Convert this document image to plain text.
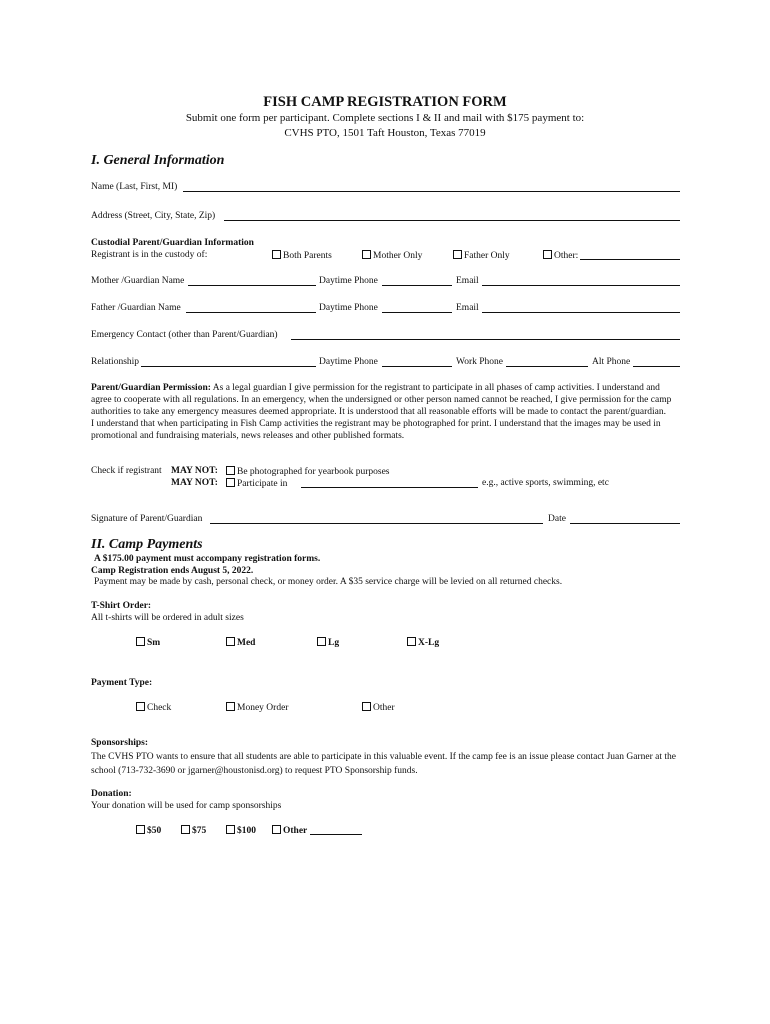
FISH CAMP REGISTRATION FORM
Submit one form per participant. Complete sections I & II and mail with $175 payment to:
CVHS PTO, 1501 Taft Houston, Texas 77019
I. General Information
Name (Last, First, MI)
Address (Street, City, State, Zip)
Custodial Parent/Guardian Information
Registrant is in the custody of:	Both Parents	Mother Only	Father Only	Other:
Mother /Guardian Name	Daytime Phone	Email
Father /Guardian Name	Daytime Phone	Email
Emergency Contact (other than Parent/Guardian)
Relationship	Daytime Phone	Work Phone	Alt Phone

Parent/Guardian Permission: As a legal guardian I give permission for the registrant to participate in all phases of camp activities. I understand and agree to cooperate with all regulations. In an emergency, when the undersigned or other person named cannot be reached, I give permission for the camp authorities to take any emergency measures deemed appropriate. It is understood that all reasonable efforts will be made to contact the parent/guardian.

I understand that when participating in Fish Camp activities the registrant may be photographed for print. I understand that the images may be used in promotional and fundraising materials, news releases and other published formats.

Check if registrant MAY NOT:	Be photographed for yearbook purposes
MAY NOT:	Participate in	e.g., active sports, swimming, etc
Signature of Parent/Guardian	Date
II. Camp Payments
A $175.00 payment must accompany registration forms.
Camp Registration ends August 5, 2022.
Payment may be made by cash, personal check, or money order. A $35 service charge will be levied on all returned checks.
T-Shirt Order:
All t-shirts will be ordered in adult sizes
Sm	Med	Lg	X-Lg
Payment Type:
Check	Money Order	Other
Sponsorships:
The CVHS PTO wants to ensure that all students are able to participate in this valuable event. If the camp fee is an issue please contact Juan Garner at the school (713-732-3690 or jgarner@houstonisd.org) to request PTO Sponsorship funds.
Donation:
Your donation will be used for camp sponsorships
$50	$75	$100	Other
